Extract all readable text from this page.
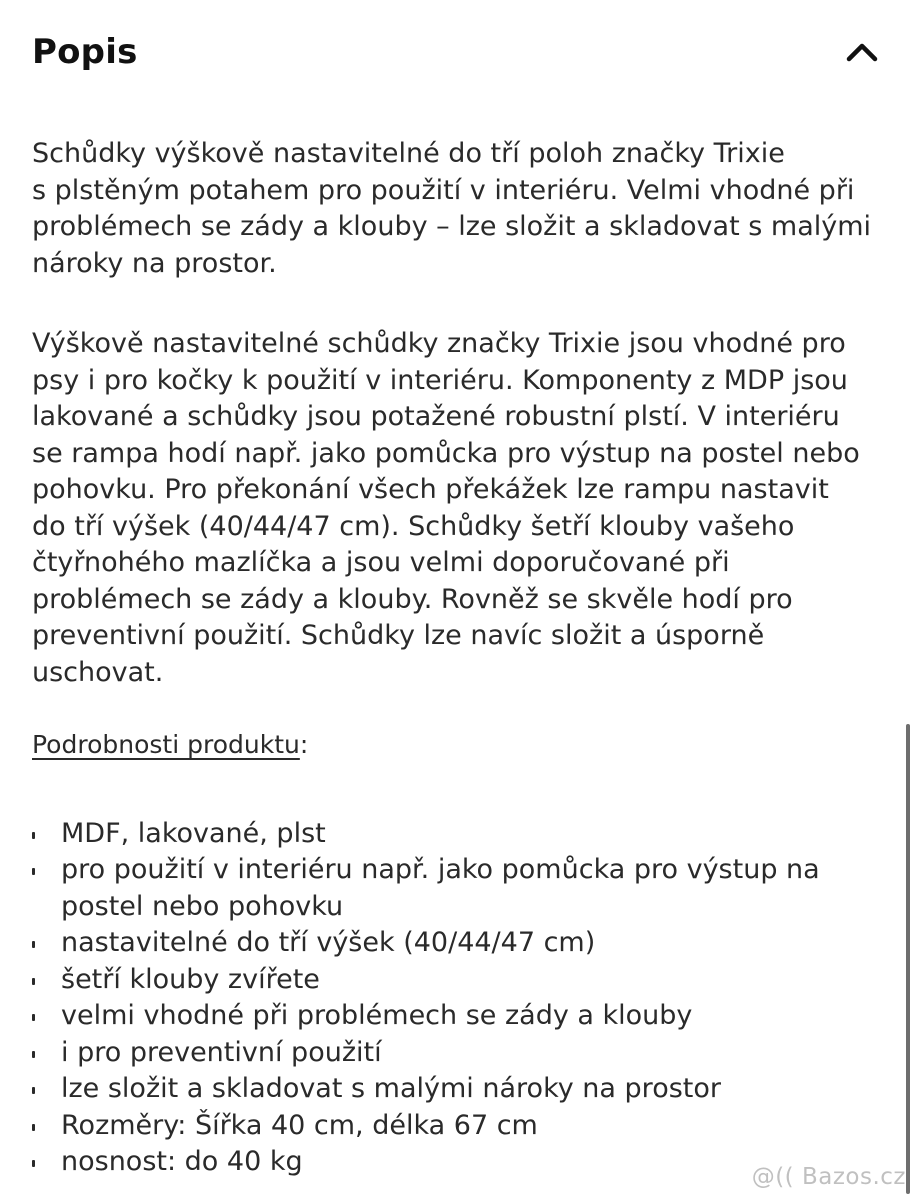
Popis

Schůdky výškově nastavitelné do tří poloh značky Trixie
s plstěným potahem pro použití v interiéru. Velmi vhodné při
problémech se zády a klouby – lze složit a skladovat s malými
nároky na prostor.

Výškově nastavitelné schůdky značky Trixie jsou vhodné pro
psy i pro kočky k použití v interiéru. Komponenty z MDP jsou
lakované a schůdky jsou potažené robustní plstí. V interiéru
se rampa hodí např. jako pomůcka pro výstup na postel nebo
pohovku. Pro překonání všech překážek lze rampu nastavit
do tří výšek (40/44/47 cm). Schůdky šetří klouby vašeho
čtyřnohého mazlíčka a jsou velmi doporučované při
problémech se zády a klouby. Rovněž se skvěle hodí pro
preventivní použití. Schůdky lze navíc složit a úsporně
uschovat.

Podrobnosti produktu:
MDF, lakované, plst
pro použití v interiéru např. jako pomůcka pro výstup na postel nebo pohovku
nastavitelné do tří výšek (40/44/47 cm)
šetří klouby zvířete
velmi vhodné při problémech se zády a klouby
i pro preventivní použití
lze složit a skladovat s malými nároky na prostor
Rozměry: Šířka 40 cm, délka 67 cm
nosnost: do 40 kg	@(( Bazos.cz
